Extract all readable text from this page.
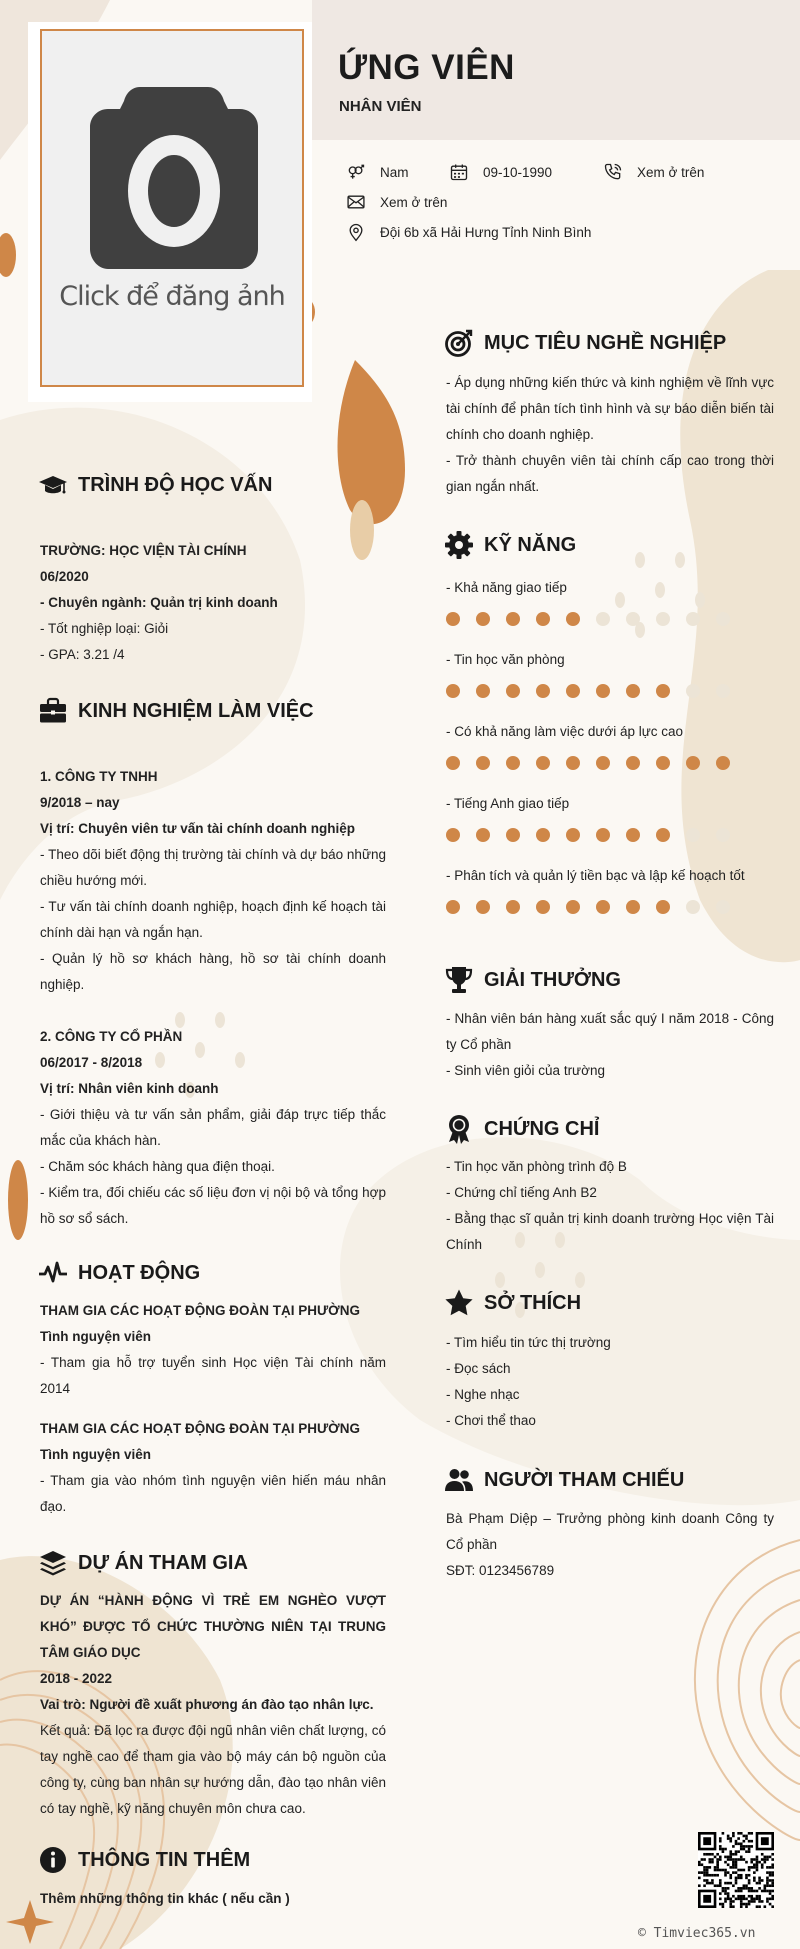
ỨNG VIÊN
NHÂN VIÊN
Nam	09-10-1990	Xem ở trên
Xem ở trên
Đội 6b xã Hải Hưng Tỉnh Ninh Bình
Click để đăng ảnh
TRÌNH ĐỘ HỌC VẤN

TRƯỜNG: HỌC VIỆN TÀI CHÍNH

06/2020

- Chuyên ngành: Quản trị kinh doanh

- Tốt nghiệp loại: Giỏi

- GPA: 3.21 /4

KINH NGHIỆM LÀM VIỆC

1. CÔNG TY TNHH

9/2018 – nay

Vị trí: Chuyên viên tư vấn tài chính doanh nghiệp

- Theo dõi biết động thị trường tài chính và dự báo những chiều hướng mới.

- Tư vấn tài chính doanh nghiệp, hoạch định kế hoạch tài chính dài hạn và ngắn hạn.

- Quản lý hồ sơ khách hàng, hồ sơ tài chính doanh nghiệp.

2. CÔNG TY CỔ PHẦN

06/2017 - 8/2018

Vị trí: Nhân viên kinh doanh

- Giới thiệu và tư vấn sản phẩm, giải đáp trực tiếp thắc mắc của khách hàn.

- Chăm sóc khách hàng qua điện thoại.

- Kiểm tra, đối chiếu các số liệu đơn vị nội bộ và tổng hợp hồ sơ sổ sách.

HOẠT ĐỘNG

THAM GIA CÁC HOẠT ĐỘNG ĐOÀN TẠI PHƯỜNG

Tình nguyện viên

- Tham gia hỗ trợ tuyển sinh Học viện Tài chính năm 2014

THAM GIA CÁC HOẠT ĐỘNG ĐOÀN TẠI PHƯỜNG

Tình nguyện viên

- Tham gia vào nhóm tình nguyện viên hiến máu nhân đạo.

DỰ ÁN THAM GIA

DỰ ÁN “HÀNH ĐỘNG VÌ TRẺ EM NGHÈO VƯỢT KHÓ” ĐƯỢC TỔ CHỨC THƯỜNG NIÊN TẠI TRUNG TÂM GIÁO DỤC

2018 - 2022

Vai trò: Người đề xuất phương án đào tạo nhân lực.

Kết quả: Đã lọc ra được đội ngũ nhân viên chất lượng, có tay nghề cao để tham gia vào bộ máy cán bộ nguồn của công ty, cùng ban nhân sự hướng dẫn, đào tạo nhân viên có tay nghề, kỹ năng chuyên môn chưa cao.

THÔNG TIN THÊM

Thêm những thông tin khác ( nếu cần )

MỤC TIÊU NGHỀ NGHIỆP

- Áp dụng những kiến thức và kinh nghiệm về lĩnh vực tài chính để phân tích tình hình và sự báo diễn biến tài chính cho doanh nghiệp.

- Trở thành chuyên viên tài chính cấp cao trong thời gian ngắn nhất.

KỸ NĂNG
- Khả năng giao tiếp
- Tin học văn phòng
- Có khả năng làm việc dưới áp lực cao
- Tiếng Anh giao tiếp
- Phân tích và quản lý tiền bạc và lập kế hoạch tốt
GIẢI THƯỞNG

- Nhân viên bán hàng xuất sắc quý I năm 2018 - Công ty Cổ phần

- Sinh viên giỏi của trường

CHỨNG CHỈ

- Tin học văn phòng trình độ B

- Chứng chỉ tiếng Anh B2

- Bằng thạc sĩ quản trị kinh doanh trường Học viện Tài Chính

SỞ THÍCH

- Tìm hiểu tin tức thị trường

- Đọc sách

- Nghe nhạc

- Chơi thể thao

NGƯỜI THAM CHIẾU

Bà Phạm Diệp – Trưởng phòng kinh doanh Công ty Cổ phần

SĐT: 0123456789

© Timviec365.vn
